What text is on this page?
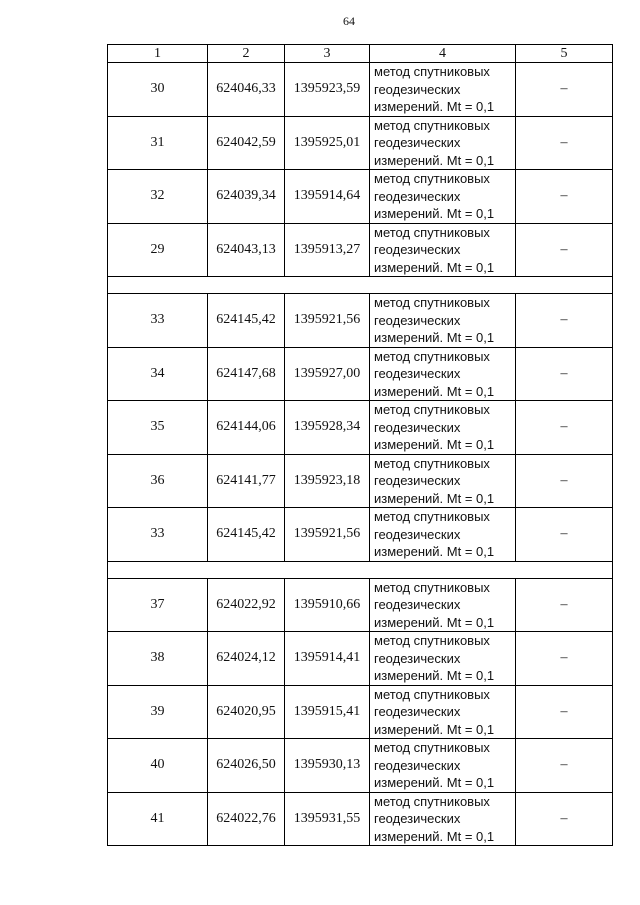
64
1	2	3	4	5
30	624046,33	1395923,59	метод спутниковых
геодезических
измерений. Mt = 0,1	–
31	624042,59	1395925,01	метод спутниковых
геодезических
измерений. Mt = 0,1	–
32	624039,34	1395914,64	метод спутниковых
геодезических
измерений. Mt = 0,1	–
29	624043,13	1395913,27	метод спутниковых
геодезических
измерений. Mt = 0,1	–

33	624145,42	1395921,56	метод спутниковых
геодезических
измерений. Mt = 0,1	–
34	624147,68	1395927,00	метод спутниковых
геодезических
измерений. Mt = 0,1	–
35	624144,06	1395928,34	метод спутниковых
геодезических
измерений. Mt = 0,1	–
36	624141,77	1395923,18	метод спутниковых
геодезических
измерений. Mt = 0,1	–
33	624145,42	1395921,56	метод спутниковых
геодезических
измерений. Mt = 0,1	–

37	624022,92	1395910,66	метод спутниковых
геодезических
измерений. Mt = 0,1	–
38	624024,12	1395914,41	метод спутниковых
геодезических
измерений. Mt = 0,1	–
39	624020,95	1395915,41	метод спутниковых
геодезических
измерений. Mt = 0,1	–
40	624026,50	1395930,13	метод спутниковых
геодезических
измерений. Mt = 0,1	–
41	624022,76	1395931,55	метод спутниковых
геодезических
измерений. Mt = 0,1	–
